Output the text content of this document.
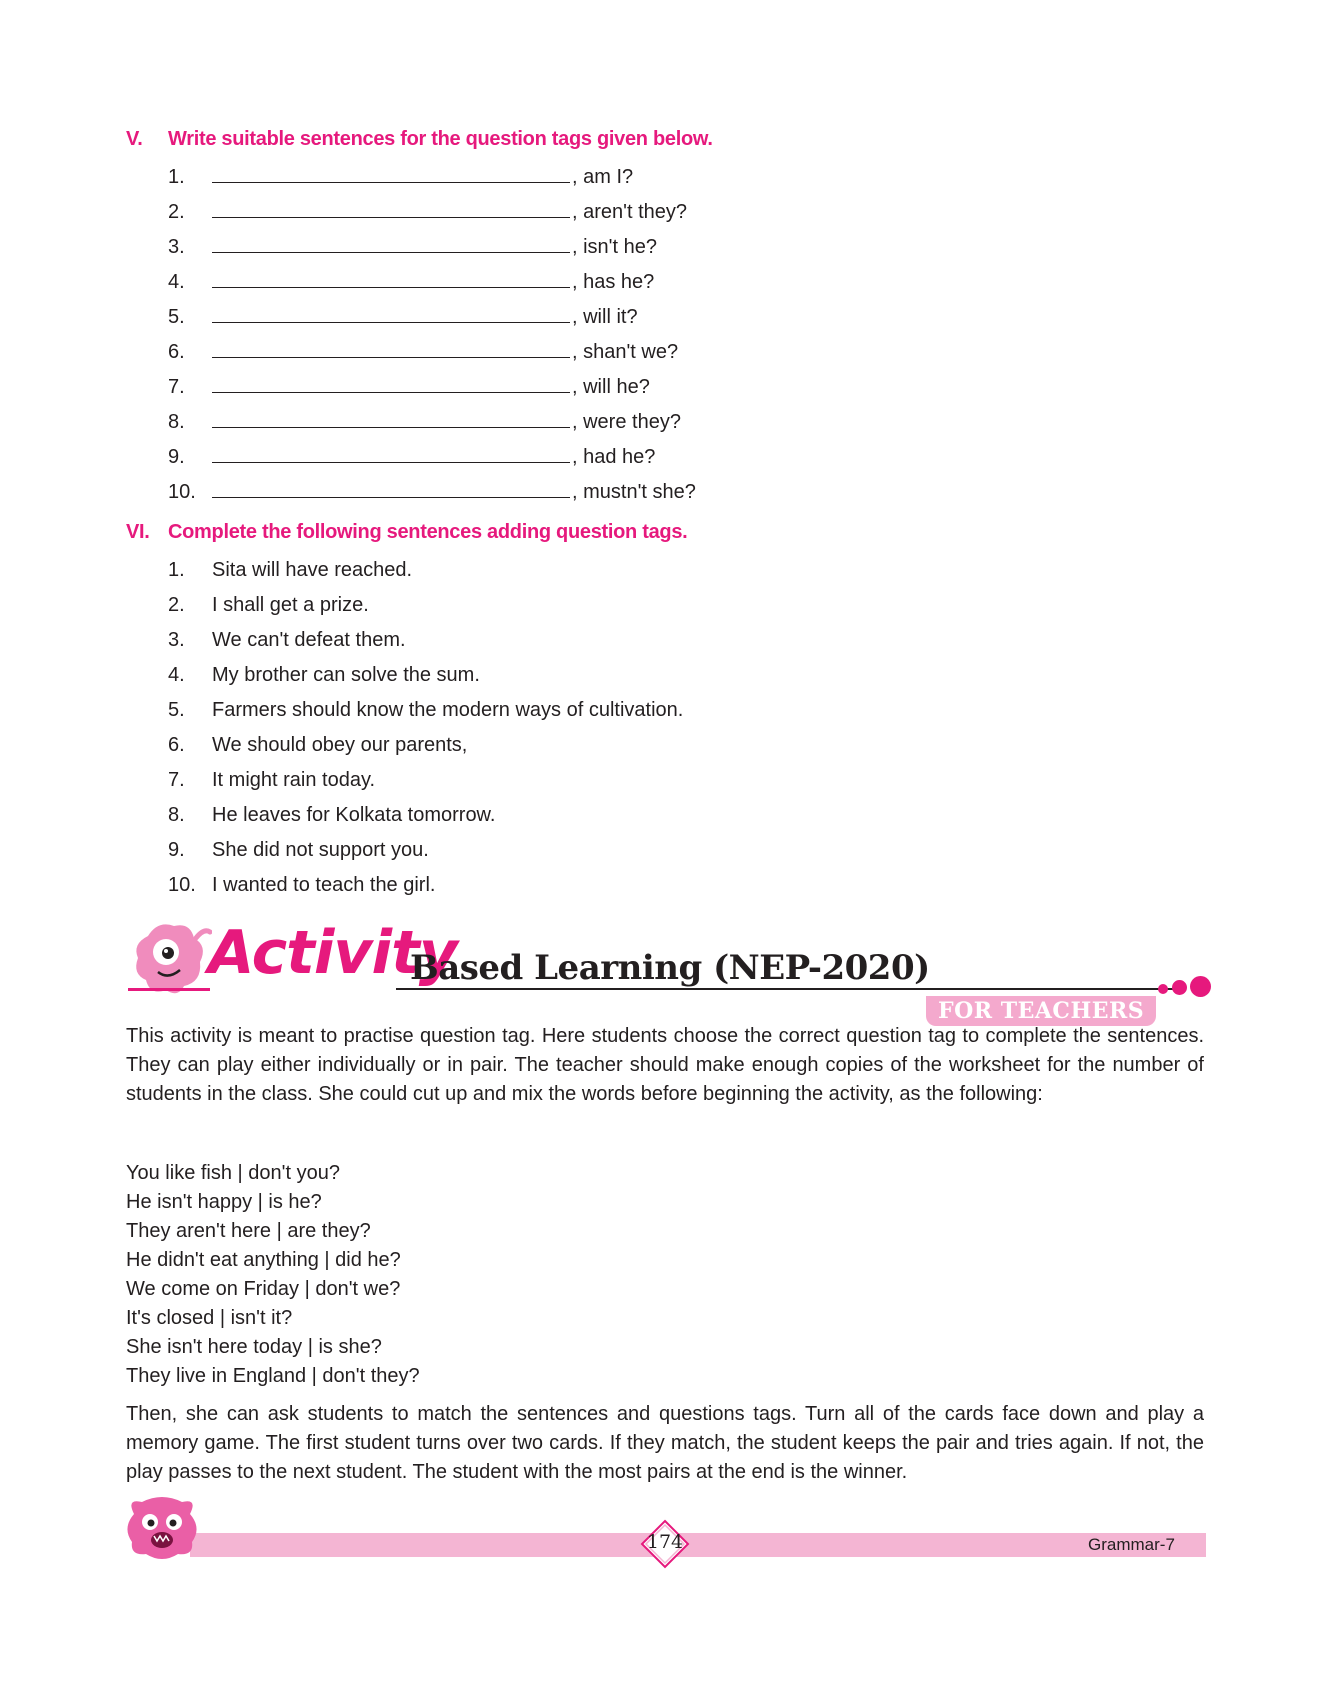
V. Write suitable sentences for the question tags given below.
1.	, am I?
2.	, aren't they?
3.	, isn't he?
4.	, has he?
5.	, will it?
6.	, shan't we?
7.	, will he?
8.	, were they?
9.	, had he?
10.	, mustn't she?
VI. Complete the following sentences adding question tags.
1. Sita will have reached.
2. I shall get a prize.
3. We can't defeat them.
4. My brother can solve the sum.
5. Farmers should know the modern ways of cultivation.
6. We should obey our parents,
7. It might rain today.
8. He leaves for Kolkata tomorrow.
9. She did not support you.
10. I wanted to teach the girl.
Activity
Based Learning (NEP-2020)
FOR TEACHERS

This activity is meant to practise question tag. Here students choose the correct question tag to complete the sentences. They can play either individually or in pair. The teacher should make enough copies of the worksheet for the number of students in the class. She could cut up and mix the words before beginning the activity, as the following:

You like fish | don't you?
He isn't happy | is he?
They aren't here | are they?
He didn't eat anything | did he?
We come on Friday | don't we?
It's closed | isn't it?
She isn't here today | is she?
They live in England | don't they?

Then, she can ask students to match the sentences and questions tags. Turn all of the cards face down and play a memory game. The first student turns over two cards. If they match, the student keeps the pair and tries again. If not, the play passes to the next student. The student with the most pairs at the end is the winner.

174	Grammar-7
